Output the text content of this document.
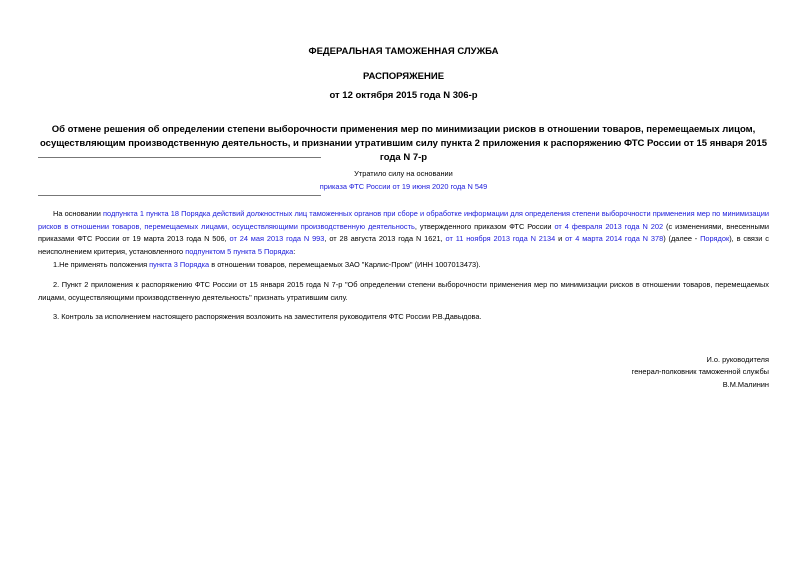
ФЕДЕРАЛЬНАЯ ТАМОЖЕННАЯ СЛУЖБА
РАСПОРЯЖЕНИЕ
от 12 октября 2015 года N 306-р
Об отмене решения об определении степени выборочности применения мер по минимизации рисков в отношении товаров, перемещаемых лицом, осуществляющим производственную деятельность, и признании утратившим силу пункта 2 приложения к распоряжению ФТС России от 15 января 2015 года N 7-р
Утратило силу на основании
приказа ФТС России от 19 июня 2020 года N 549
На основании подпункта 1 пункта 18 Порядка действий должностных лиц таможенных органов при сборе и обработке информации для определения степени выборочности применения мер по минимизации рисков в отношении товаров, перемещаемых лицами, осуществляющими производственную деятельность, утвержденного приказом ФТС России от 4 февраля 2013 года N 202 (с изменениями, внесенными приказами ФТС России от 19 марта 2013 года N 506, от 24 мая 2013 года N 993, от 28 августа 2013 года N 1621, от 11 ноября 2013 года N 2134 и от 4 марта 2014 года N 378) (далее - Порядок), в связи с неисполнением критерия, установленного подпунктом 5 пункта 5 Порядка:
1.Не применять положения пункта 3 Порядка в отношении товаров, перемещаемых ЗАО "Карлис-Пром" (ИНН 1007013473).
2. Пункт 2 приложения к распоряжению ФТС России от 15 января 2015 года N 7-р "Об определении степени выборочности применения мер по минимизации рисков в отношении товаров, перемещаемых лицами, осуществляющими производственную деятельность" признать утратившим силу.
3. Контроль за исполнением настоящего распоряжения возложить на заместителя руководителя ФТС России Р.В.Давыдова.
И.о. руководителя
генерал-полковник таможенной службы
В.М.Малинин
